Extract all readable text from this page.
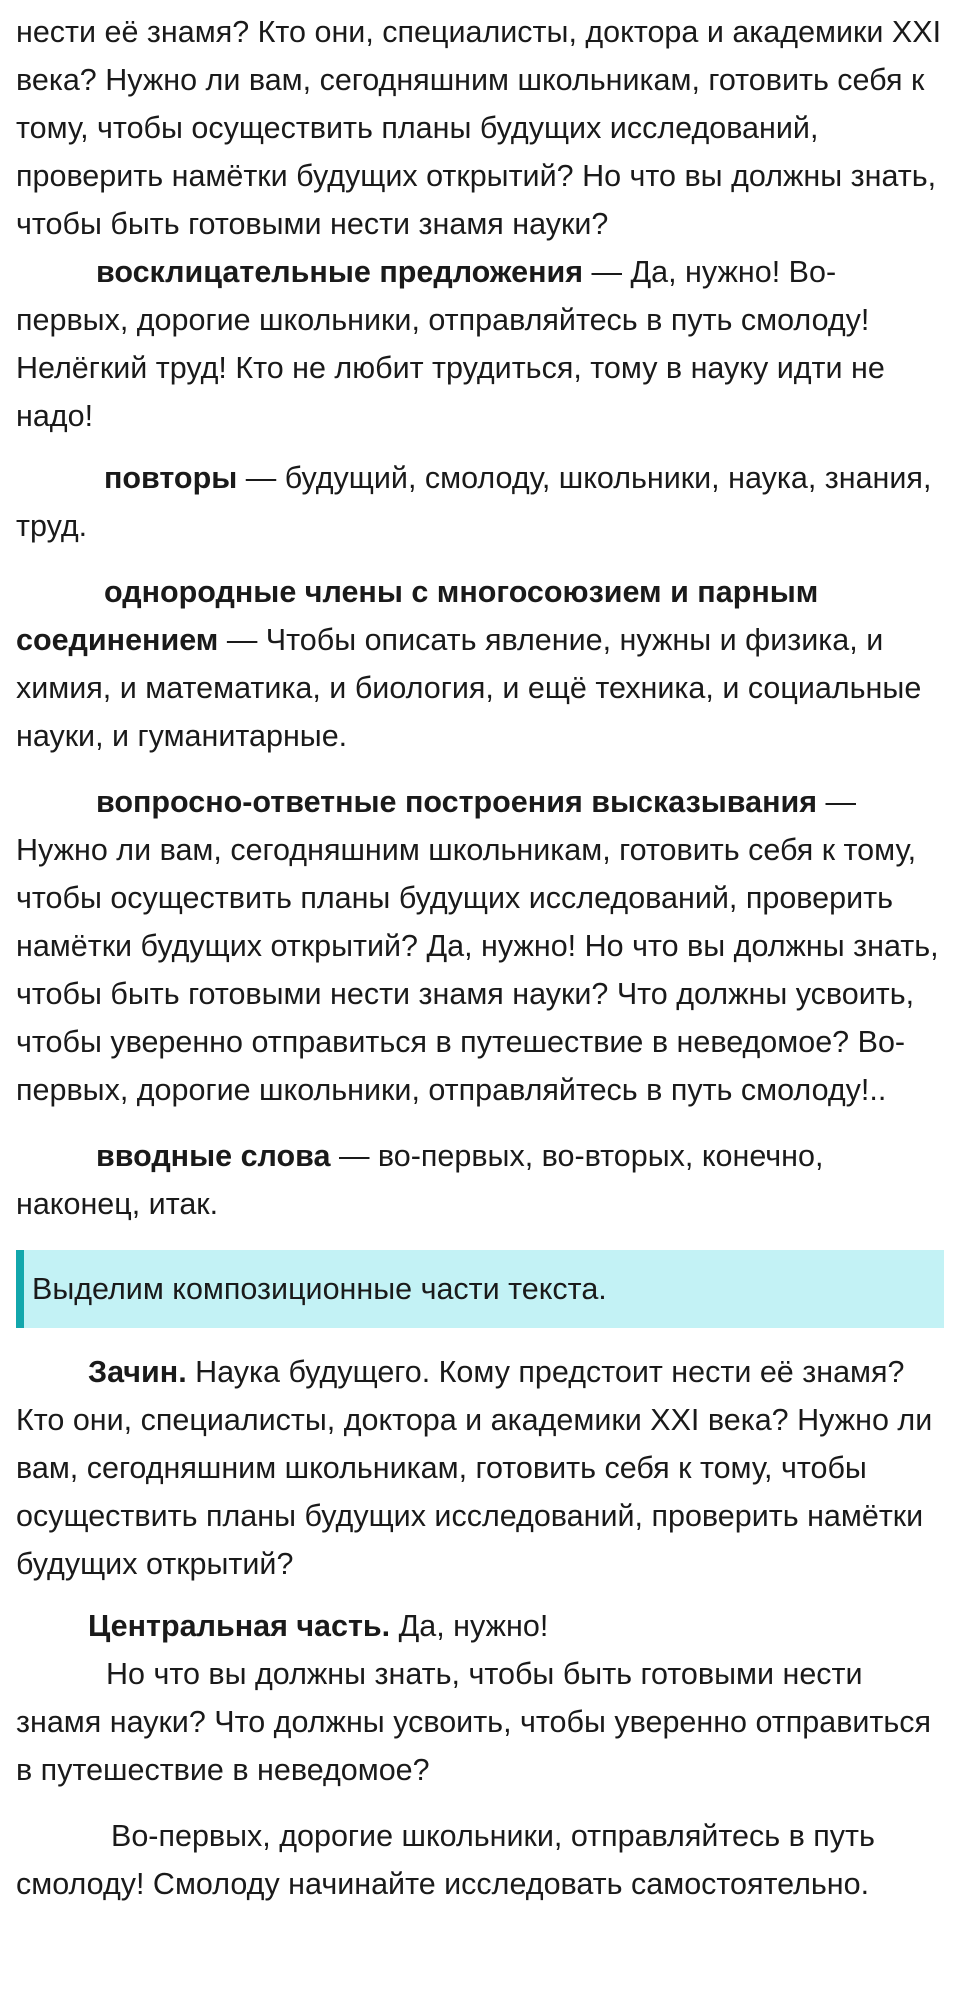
нести её знамя? Кто они, специалисты, доктора и академики XXI века? Нужно ли вам, сегодняшним школьникам, готовить себя к тому, чтобы осуществить планы будущих исследований, проверить намётки будущих открытий? Но что вы должны знать, чтобы быть готовыми нести знамя науки?

восклицательные предложения — Да, нужно! Во-первых, дорогие школьники, отправляйтесь в путь смолоду! Нелёгкий труд! Кто не любит трудиться, тому в науку идти не надо!

повторы — будущий, смолоду, школьники, наука, знания, труд.

однородные члены с многосоюзием и парным соединением — Чтобы описать явление, нужны и физика, и химия, и математика, и биология, и ещё техника, и социальные науки, и гуманитарные.

вопросно-ответные построения высказывания — Нужно ли вам, сегодняшним школьникам, готовить себя к тому, чтобы осуществить планы будущих исследований, проверить намётки будущих открытий? Да, нужно! Но что вы должны знать, чтобы быть готовыми нести знамя науки? Что должны усвоить, чтобы уверенно отправиться в путешествие в неведомое? Во-первых, дорогие школьники, отправляйтесь в путь смолоду!..

вводные слова — во-первых, во-вторых, конечно, наконец, итак.

Выделим композиционные части текста.

Зачин. Наука будущего. Кому предстоит нести её знамя? Кто они, специалисты, доктора и академики XXI века? Нужно ли вам, сегодняшним школьникам, готовить себя к тому, чтобы осуществить планы будущих исследований, проверить намётки будущих открытий?

Центральная часть. Да, нужно!

Но что вы должны знать, чтобы быть готовыми нести знамя науки? Что должны усвоить, чтобы уверенно отправиться в путешествие в неведомое?

Во-первых, дорогие школьники, отправляйтесь в путь смолоду! Смолоду начинайте исследовать самостоятельно.
